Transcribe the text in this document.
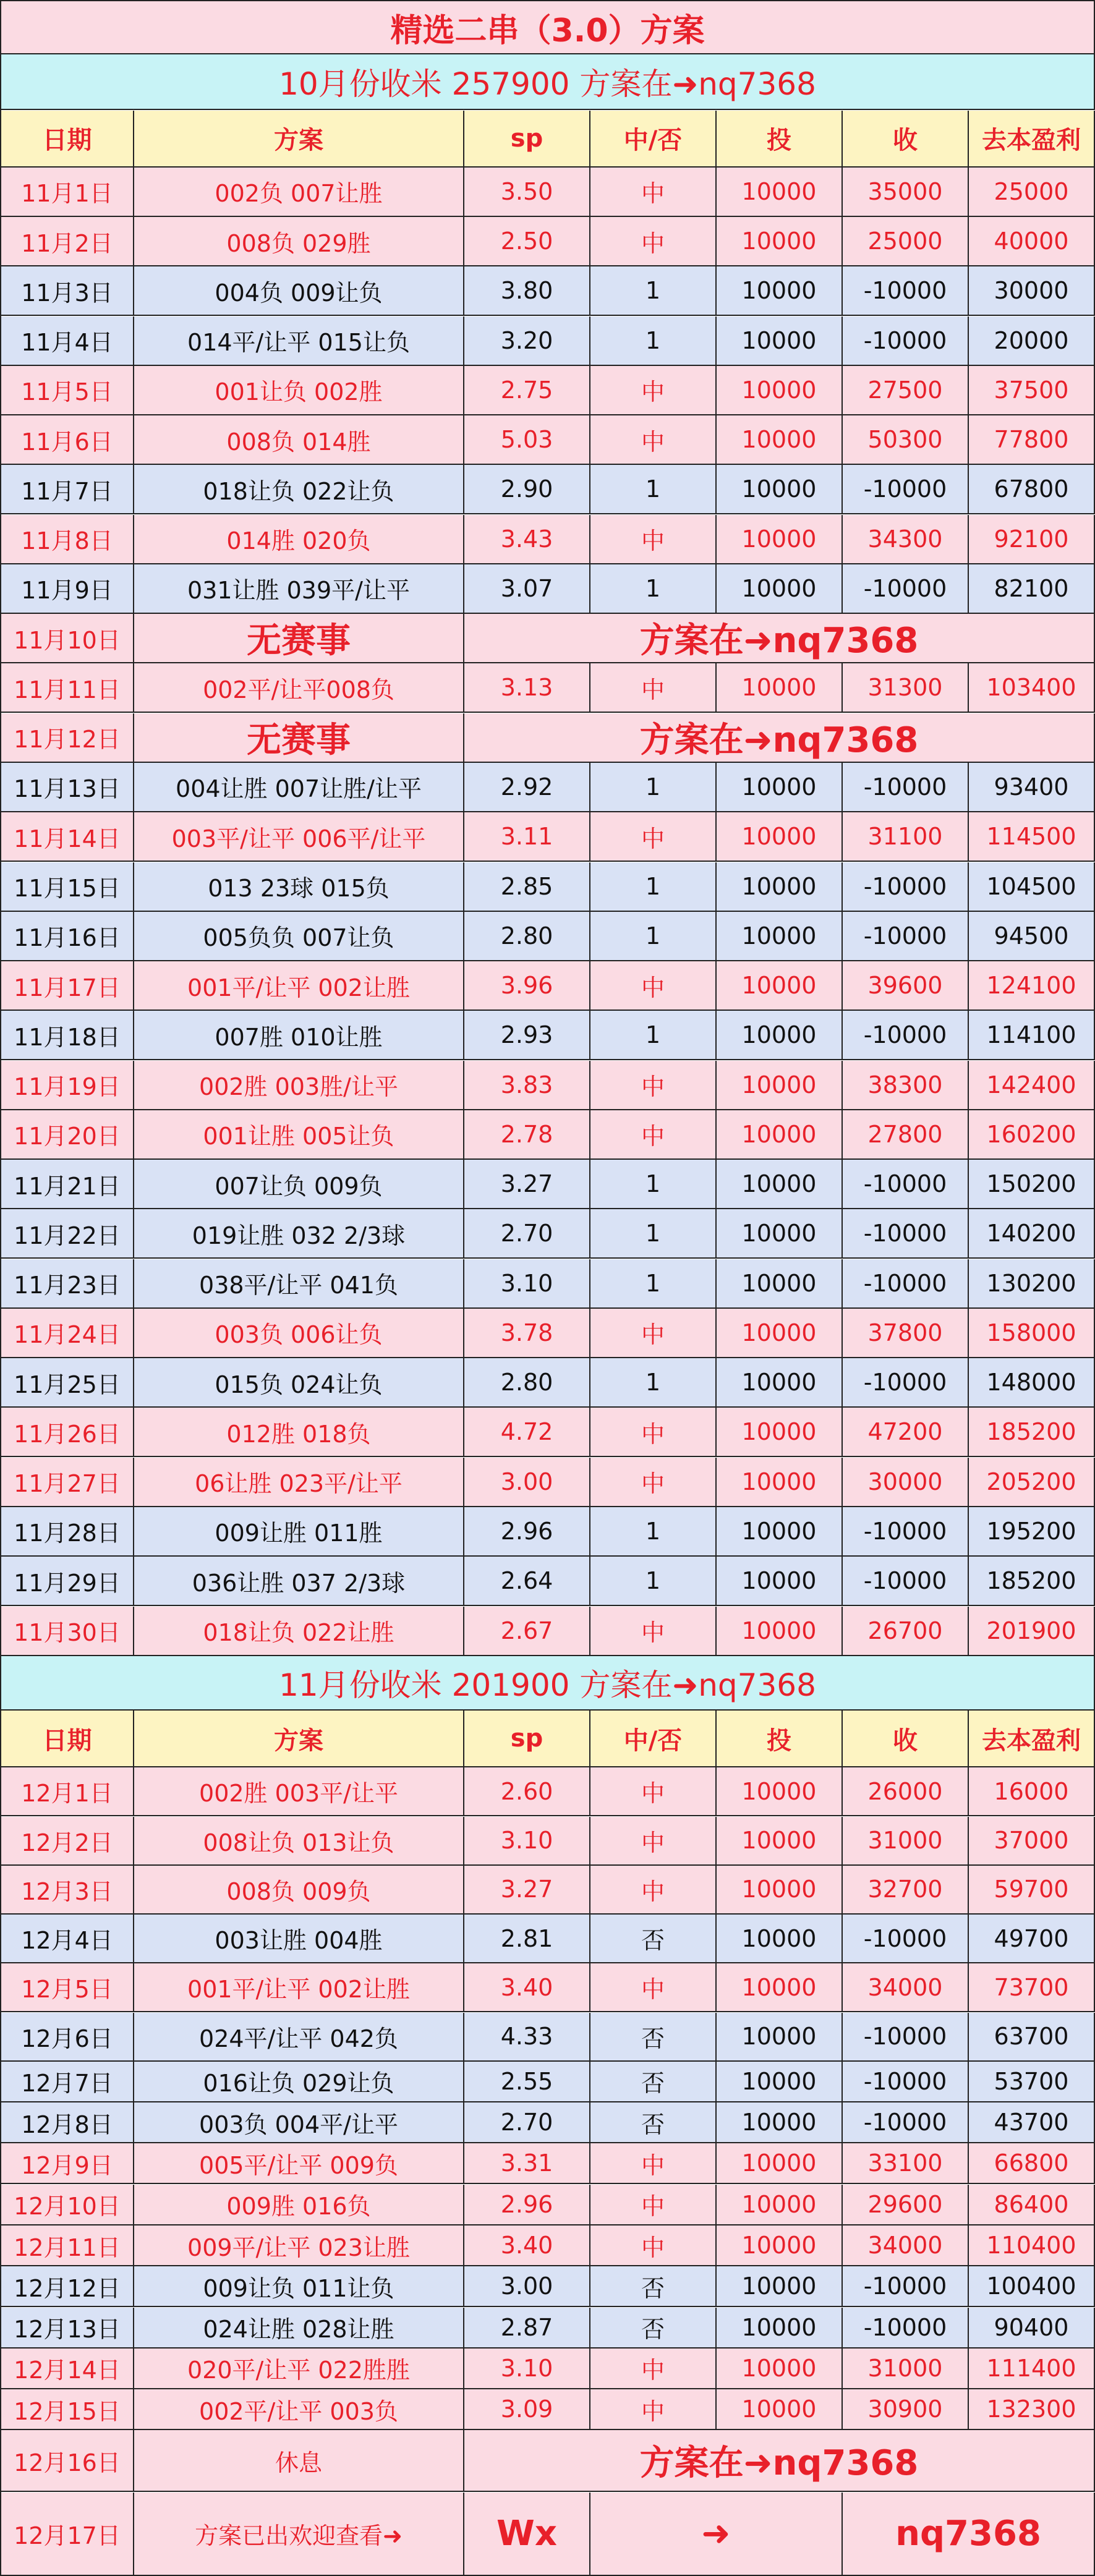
精选二串（3.0）方案
10月份收米 257900 方案在➜nq7368
日期	方案	sp	中/否	投	收	去本盈利
11月1日	002负 007让胜	3.50	中	10000	35000	25000
11月2日	008负 029胜	2.50	中	10000	25000	40000
11月3日	004负 009让负	3.80	1	10000	-10000	30000
11月4日	014平/让平 015让负	3.20	1	10000	-10000	20000
11月5日	001让负 002胜	2.75	中	10000	27500	37500
11月6日	008负 014胜	5.03	中	10000	50300	77800
11月7日	018让负 022让负	2.90	1	10000	-10000	67800
11月8日	014胜 020负	3.43	中	10000	34300	92100
11月9日	031让胜 039平/让平	3.07	1	10000	-10000	82100
11月10日	无赛事	方案在➜nq7368
11月11日	002平/让平008负	3.13	中	10000	31300	103400
11月12日	无赛事	方案在➜nq7368
11月13日	004让胜 007让胜/让平	2.92	1	10000	-10000	93400
11月14日	003平/让平 006平/让平	3.11	中	10000	31100	114500
11月15日	013 23球 015负	2.85	1	10000	-10000	104500
11月16日	005负负 007让负	2.80	1	10000	-10000	94500
11月17日	001平/让平 002让胜	3.96	中	10000	39600	124100
11月18日	007胜 010让胜	2.93	1	10000	-10000	114100
11月19日	002胜 003胜/让平	3.83	中	10000	38300	142400
11月20日	001让胜 005让负	2.78	中	10000	27800	160200
11月21日	007让负 009负	3.27	1	10000	-10000	150200
11月22日	019让胜 032 2/3球	2.70	1	10000	-10000	140200
11月23日	038平/让平 041负	3.10	1	10000	-10000	130200
11月24日	003负 006让负	3.78	中	10000	37800	158000
11月25日	015负 024让负	2.80	1	10000	-10000	148000
11月26日	012胜 018负	4.72	中	10000	47200	185200
11月27日	06让胜 023平/让平	3.00	中	10000	30000	205200
11月28日	009让胜 011胜	2.96	1	10000	-10000	195200
11月29日	036让胜 037 2/3球	2.64	1	10000	-10000	185200
11月30日	018让负 022让胜	2.67	中	10000	26700	201900
11月份收米 201900 方案在➜nq7368
日期	方案	sp	中/否	投	收	去本盈利
12月1日	002胜 003平/让平	2.60	中	10000	26000	16000
12月2日	008让负 013让负	3.10	中	10000	31000	37000
12月3日	008负 009负	3.27	中	10000	32700	59700
12月4日	003让胜 004胜	2.81	否	10000	-10000	49700
12月5日	001平/让平 002让胜	3.40	中	10000	34000	73700
12月6日	024平/让平 042负	4.33	否	10000	-10000	63700
12月7日	016让负 029让负	2.55	否	10000	-10000	53700
12月8日	003负 004平/让平	2.70	否	10000	-10000	43700
12月9日	005平/让平 009负	3.31	中	10000	33100	66800
12月10日	009胜 016负	2.96	中	10000	29600	86400
12月11日	009平/让平 023让胜	3.40	中	10000	34000	110400
12月12日	009让负 011让负	3.00	否	10000	-10000	100400
12月13日	024让胜 028让胜	2.87	否	10000	-10000	90400
12月14日	020平/让平 022胜胜	3.10	中	10000	31000	111400
12月15日	002平/让平 003负	3.09	中	10000	30900	132300
12月16日	休息	方案在➜nq7368
12月17日	方案已出欢迎查看➜	Wx	➜	nq7368
